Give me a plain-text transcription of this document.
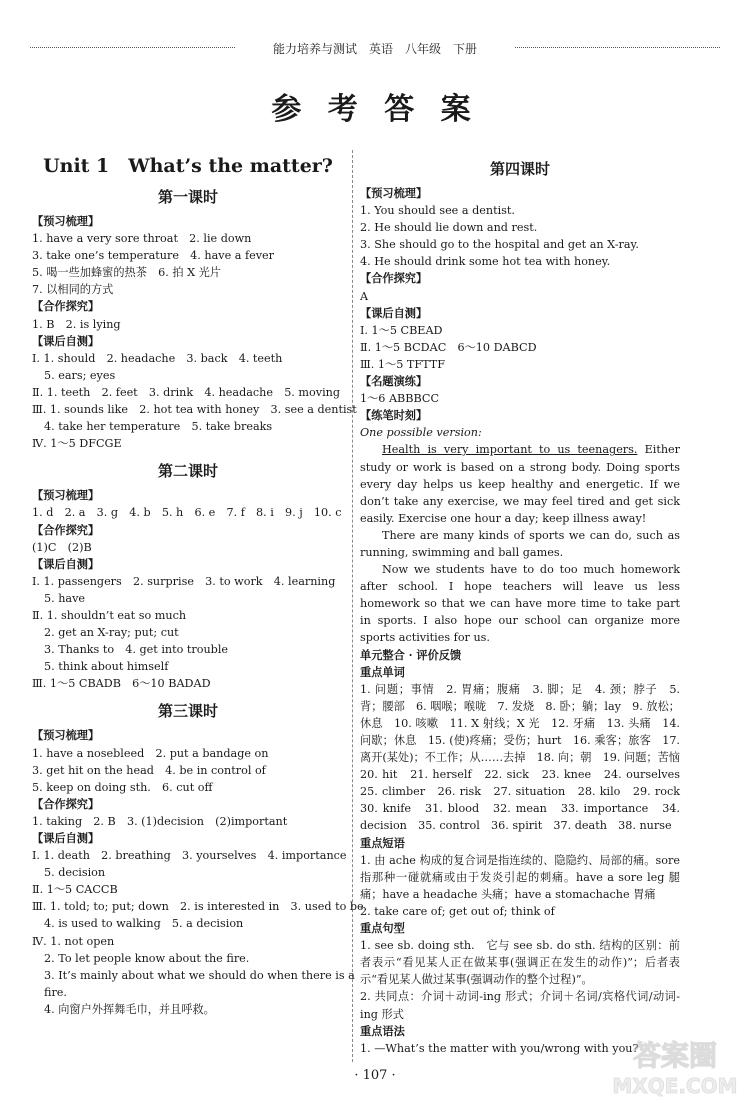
能力培养与测试　英语　八年级　下册
参 考 答 案
Unit 1　What’s the matter?
第一课时
【预习梳理】
1. have a very sore throat　2. lie down
3. take one’s temperature　4. have a fever
5. 喝一些加蜂蜜的热茶　6. 拍 X 光片
7. 以相同的方式
【合作探究】
1. B　2. is lying
【课后自测】
Ⅰ. 1. should　2. headache　3. back　4. teeth
5. ears; eyes
Ⅱ. 1. teeth　2. feet　3. drink　4. headache　5. moving
Ⅲ. 1. sounds like　2. hot tea with honey　3. see a dentist
4. take her temperature　5. take breaks
Ⅳ. 1～5 DFCGE
第二课时
【预习梳理】
1. d　2. a　3. g　4. b　5. h　6. e　7. f　8. i　9. j　10. c
【合作探究】
(1)C　(2)B
【课后自测】
Ⅰ. 1. passengers　2. surprise　3. to work　4. learning
5. have
Ⅱ. 1. shouldn’t eat so much
2. get an X-ray; put; cut
3. Thanks to　4. get into trouble
5. think about himself
Ⅲ. 1～5 CBADB　6～10 BADAD
第三课时
【预习梳理】
1. have a nosebleed　2. put a bandage on
3. get hit on the head　4. be in control of
5. keep on doing sth.　6. cut off
【合作探究】
1. taking　2. B　3. (1)decision　(2)important
【课后自测】
Ⅰ. 1. death　2. breathing　3. yourselves　4. importance
5. decision
Ⅱ. 1～5 CACCB
Ⅲ. 1. told; to; put; down　2. is interested in　3. used to be
4. is used to walking　5. a decision
Ⅳ. 1. not open
2. To let people know about the fire.
3. It’s mainly about what we should do when there is a
fire.
4. 向窗户外挥舞毛巾，并且呼救。
第四课时
【预习梳理】
1. You should see a dentist.
2. He should lie down and rest.
3. She should go to the hospital and get an X-ray.
4. He should drink some hot tea with honey.
【合作探究】
A
【课后自测】
Ⅰ. 1～5 CBEAD
Ⅱ. 1～5 BCDAC　6～10 DABCD
Ⅲ. 1～5 TFTTF
【名题演练】
1～6 ABBBCC
【练笔时刻】
One possible version:
Health is very important to us teenagers. Either study or work is based on a strong body. Doing sports every day helps us keep healthy and energetic. If we don’t take any exercise, we may feel tired and get sick easily. Exercise one hour a day; keep illness away!
There are many kinds of sports we can do, such as running, swimming and ball games.
Now we students have to do too much homework after school. I hope teachers will leave us less homework so that we can have more time to take part in sports. I also hope our school can organize more sports activities for us.
单元整合 · 评价反馈
重点单词
1. 问题；事情　2. 胃痛；腹痛　3. 脚；足　4. 颈；脖子　5. 背；腰部　6. 咽喉；喉咙　7. 发烧　8. 卧；躺；lay　9. 放松；休息　10. 咳嗽　11. X 射线；X 光　12. 牙痛　13. 头痛　14. 问歇；休息　15. (使)疼痛；受伤；hurt　16. 乘客；旅客　17. 离开(某处)；不工作；从……去掉　18. 向；朝　19. 问题；苦恼　20. hit　21. herself　22. sick　23. knee　24. ourselves　25. climber　26. risk　27. situation　28. kilo　29. rock　30. knife　31. blood　32. mean　33. importance　34. decision　35. control　36. spirit　37. death　38. nurse
重点短语
1. 由 ache 构成的复合词是指连续的、隐隐约、局部的痛。sore 指那种一碰就痛或由于发炎引起的刺痛。have a sore leg 腿痛；have a headache 头痛；have a stomachache 胃痛
2. take care of; get out of; think of
重点句型
1. see sb. doing sth.　它与 see sb. do sth. 结构的区别：前者表示“看见某人正在做某事(强调正在发生的动作)”；后者表示“看见某人做过某事(强调动作的整个过程)”。
2. 共同点：介词＋动词-ing 形式；介词＋名词/宾格代词/动词-ing 形式
重点语法
1. —What’s the matter with you/wrong with you?
· 107 ·
答案圈
MXQE.COM
